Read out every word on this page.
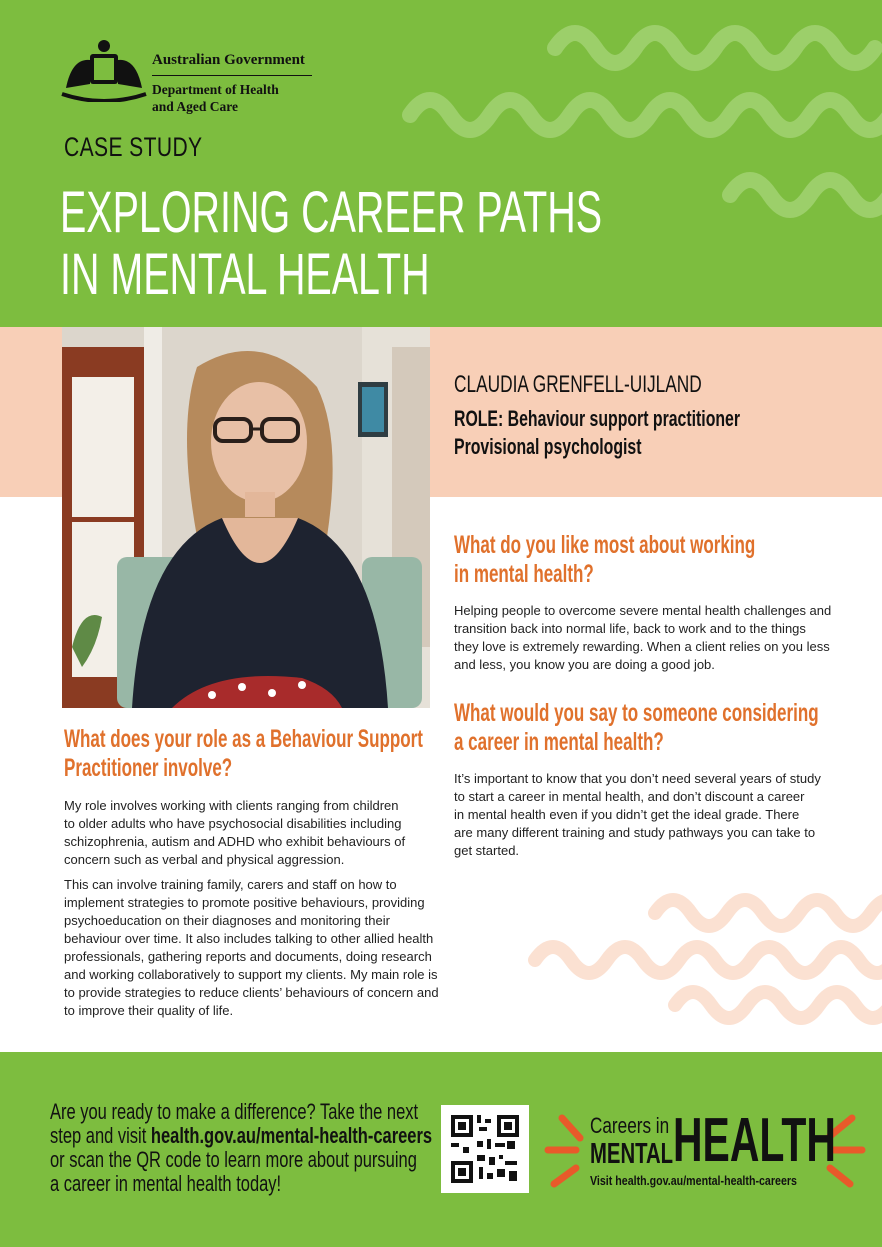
Australian Government
Department of Health
and Aged Care
CASE STUDY
EXPLORING CAREER PATHS
IN MENTAL HEALTH
CLAUDIA GRENFELL-UIJLAND
ROLE: Behaviour support practitioner
Provisional psychologist
What do you like most about working
in mental health?
Helping people to overcome severe mental health challenges and
transition back into normal life, back to work and to the things
they love is extremely rewarding. When a client relies on you less
and less, you know you are doing a good job.
What would you say to someone considering
a career in mental health?
It’s important to know that you don’t need several years of study
to start a career in mental health, and don’t discount a career
in mental health even if you didn’t get the ideal grade. There
are many different training and study pathways you can take to
get started.
What does your role as a Behaviour Support
Practitioner involve?
My role involves working with clients ranging from children
to older adults who have psychosocial disabilities including
schizophrenia, autism and ADHD who exhibit behaviours of
concern such as verbal and physical aggression.
This can involve training family, carers and staff on how to
implement strategies to promote positive behaviours, providing
psychoeducation on their diagnoses and monitoring their
behaviour over time. It also includes talking to other allied health
professionals, gathering reports and documents, doing research
and working collaboratively to support my clients. My main role is
to provide strategies to reduce clients’ behaviours of concern and
to improve their quality of life.
Are you ready to make a difference? Take the next
step and visit health.gov.au/mental-health-careers
or scan the QR code to learn more about pursuing
a career in mental health today!
Careers in
MENTAL HEALTH
Visit health.gov.au/mental-health-careers
